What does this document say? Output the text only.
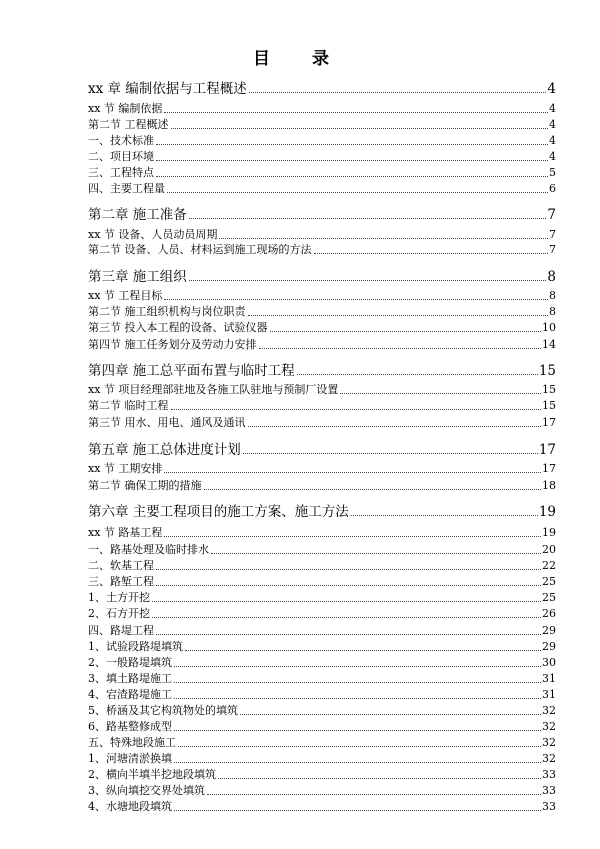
目 录
xx 章 编制依据与工程概述	4
xx 节 编制依据	4
第二节 工程概述	4
一、技术标准	4
二、项目环境	4
三、工程特点	5
四、主要工程量	6
第二章 施工准备	7
xx 节 设备、人员动员周期	7
第二节 设备、人员、材料运到施工现场的方法	7
第三章 施工组织	8
xx 节 工程目标	8
第二节 施工组织机构与岗位职责	8
第三节 投入本工程的设备、试验仪器	10
第四节 施工任务划分及劳动力安排	14
第四章 施工总平面布置与临时工程	15
xx 节 项目经理部驻地及各施工队驻地与预制厂设置	15
第二节 临时工程	15
第三节 用水、用电、通风及通讯	17
第五章 施工总体进度计划	17
xx 节 工期安排	17
第二节 确保工期的措施	18
第六章 主要工程项目的施工方案、施工方法	19
xx 节 路基工程	19
一、路基处理及临时排水	20
二、软基工程	22
三、路堑工程	25
1、土方开挖	25
2、石方开挖	26
四、路堤工程	29
1、试验段路堤填筑	29
2、一般路堤填筑	30
3、填土路堤施工	31
4、宕渣路堤施工	31
5、桥涵及其它构筑物处的填筑	32
6、路基整修成型	32
五、特殊地段施工	32
1、河塘清淤换填	32
2、横向半填半挖地段填筑	33
3、纵向填挖交界处填筑	33
4、水塘地段填筑	33
